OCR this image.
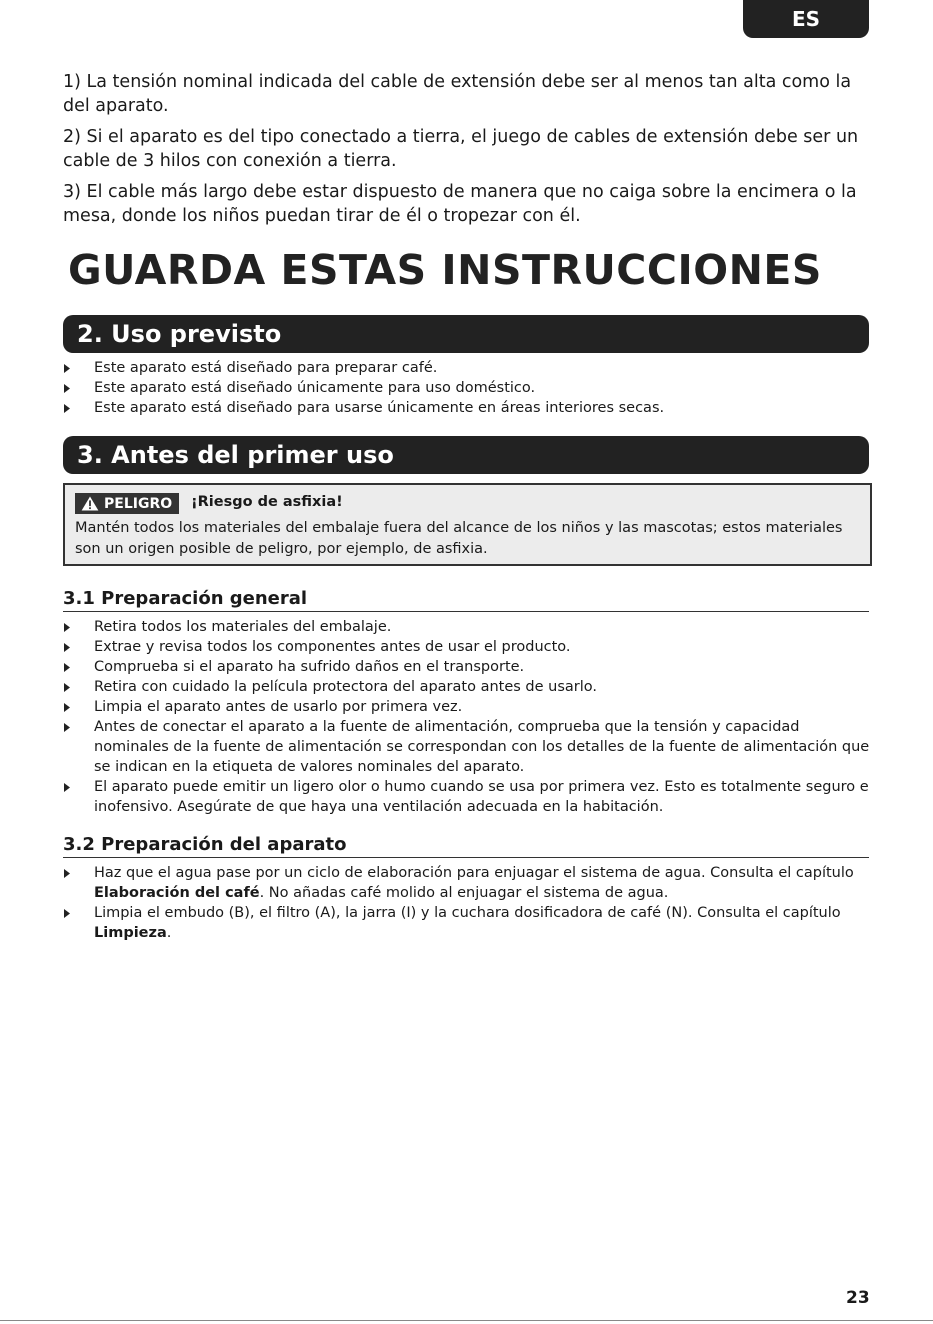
ES

1) La tensión nominal indicada del cable de extensión debe ser al menos tan alta como la del aparato.

2) Si el aparato es del tipo conectado a tierra, el juego de cables de extensión debe ser un cable de 3 hilos con conexión a tierra.

3) El cable más largo debe estar dispuesto de manera que no caiga sobre la encimera o la mesa, donde los niños puedan tirar de él o tropezar con él.

GUARDA ESTAS INSTRUCCIONES
2. Uso previsto
Este aparato está diseñado para preparar café.
Este aparato está diseñado únicamente para uso doméstico.
Este aparato está diseñado para usarse únicamente en áreas interiores secas.
3. Antes del primer uso
PELIGRO ¡Riesgo de asfixia!
Mantén todos los materiales del embalaje fuera del alcance de los niños y las mascotas; estos materiales son un origen posible de peligro, por ejemplo, de asfixia.
3.1 Preparación general
Retira todos los materiales del embalaje.
Extrae y revisa todos los componentes antes de usar el producto.
Comprueba si el aparato ha sufrido daños en el transporte.
Retira con cuidado la película protectora del aparato antes de usarlo.
Limpia el aparato antes de usarlo por primera vez.
Antes de conectar el aparato a la fuente de alimentación, comprueba que la tensión y capacidad nominales de la fuente de alimentación se correspondan con los detalles de la fuente de alimentación que se indican en la etiqueta de valores nominales del aparato.
El aparato puede emitir un ligero olor o humo cuando se usa por primera vez. Esto es totalmente seguro e inofensivo. Asegúrate de que haya una ventilación adecuada en la habitación.
3.2 Preparación del aparato
Haz que el agua pase por un ciclo de elaboración para enjuagar el sistema de agua. Consulta el capítulo Elaboración del café. No añadas café molido al enjuagar el sistema de agua.
Limpia el embudo (B), el filtro (A), la jarra (I) y la cuchara dosificadora de café (N). Consulta el capítulo Limpieza.
23
